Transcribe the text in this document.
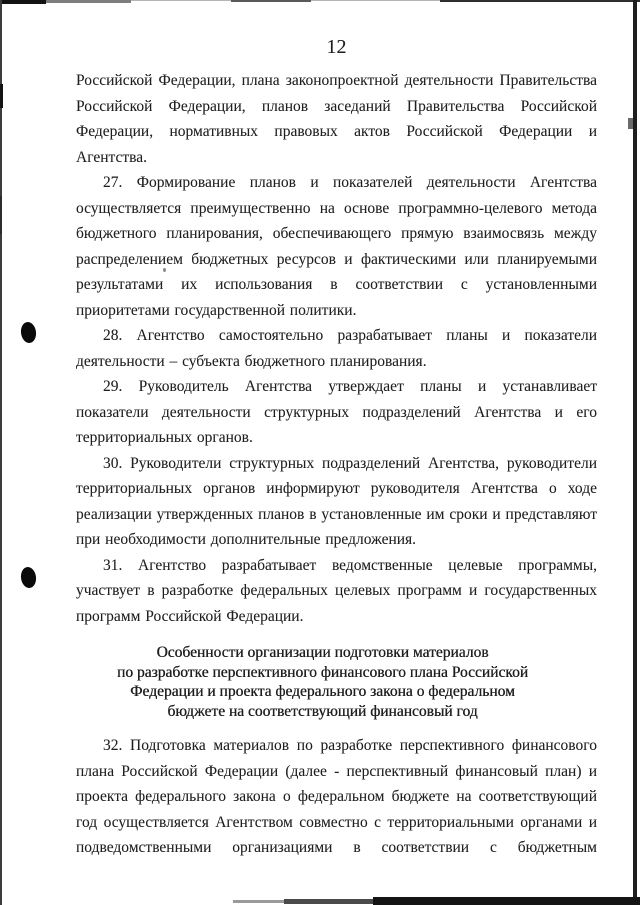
12

Российской Федерации, плана законопроектной деятельности Правительства Российской Федерации, планов заседаний Правительства Российской Федерации, нормативных правовых актов Российской Федерации и Агентства.

27. Формирование планов и показателей деятельности Агентства осуществляется преимущественно на основе программно-целевого метода бюджетного планирования, обеспечивающего прямую взаимосвязь между распределением бюджетных ресурсов и фактическими или планируемыми результатами их использования в соответствии с установленными приоритетами государственной политики.

28. Агентство самостоятельно разрабатывает планы и показатели деятельности – субъекта бюджетного планирования.

29. Руководитель Агентства утверждает планы и устанавливает показатели деятельности структурных подразделений Агентства и его территориальных органов.

30. Руководители структурных подразделений Агентства, руководители территориальных органов информируют руководителя Агентства о ходе реализации утвержденных планов в установленные им сроки и представляют при необходимости дополнительные предложения.

31. Агентство разрабатывает ведомственные целевые программы, участвует в разработке федеральных целевых программ и государственных программ Российской Федерации.

Особенности организации подготовки материалов
по разработке перспективного финансового плана Российской
Федерации и проекта федерального закона о федеральном
бюджете на соответствующий финансовый год

32. Подготовка материалов по разработке перспективного финансового плана Российской Федерации (далее - перспективный финансовый план) и проекта федерального закона о федеральном бюджете на соответствующий год осуществляется Агентством совместно с территориальными органами и подведомственными организациями в соответствии с бюджетным
